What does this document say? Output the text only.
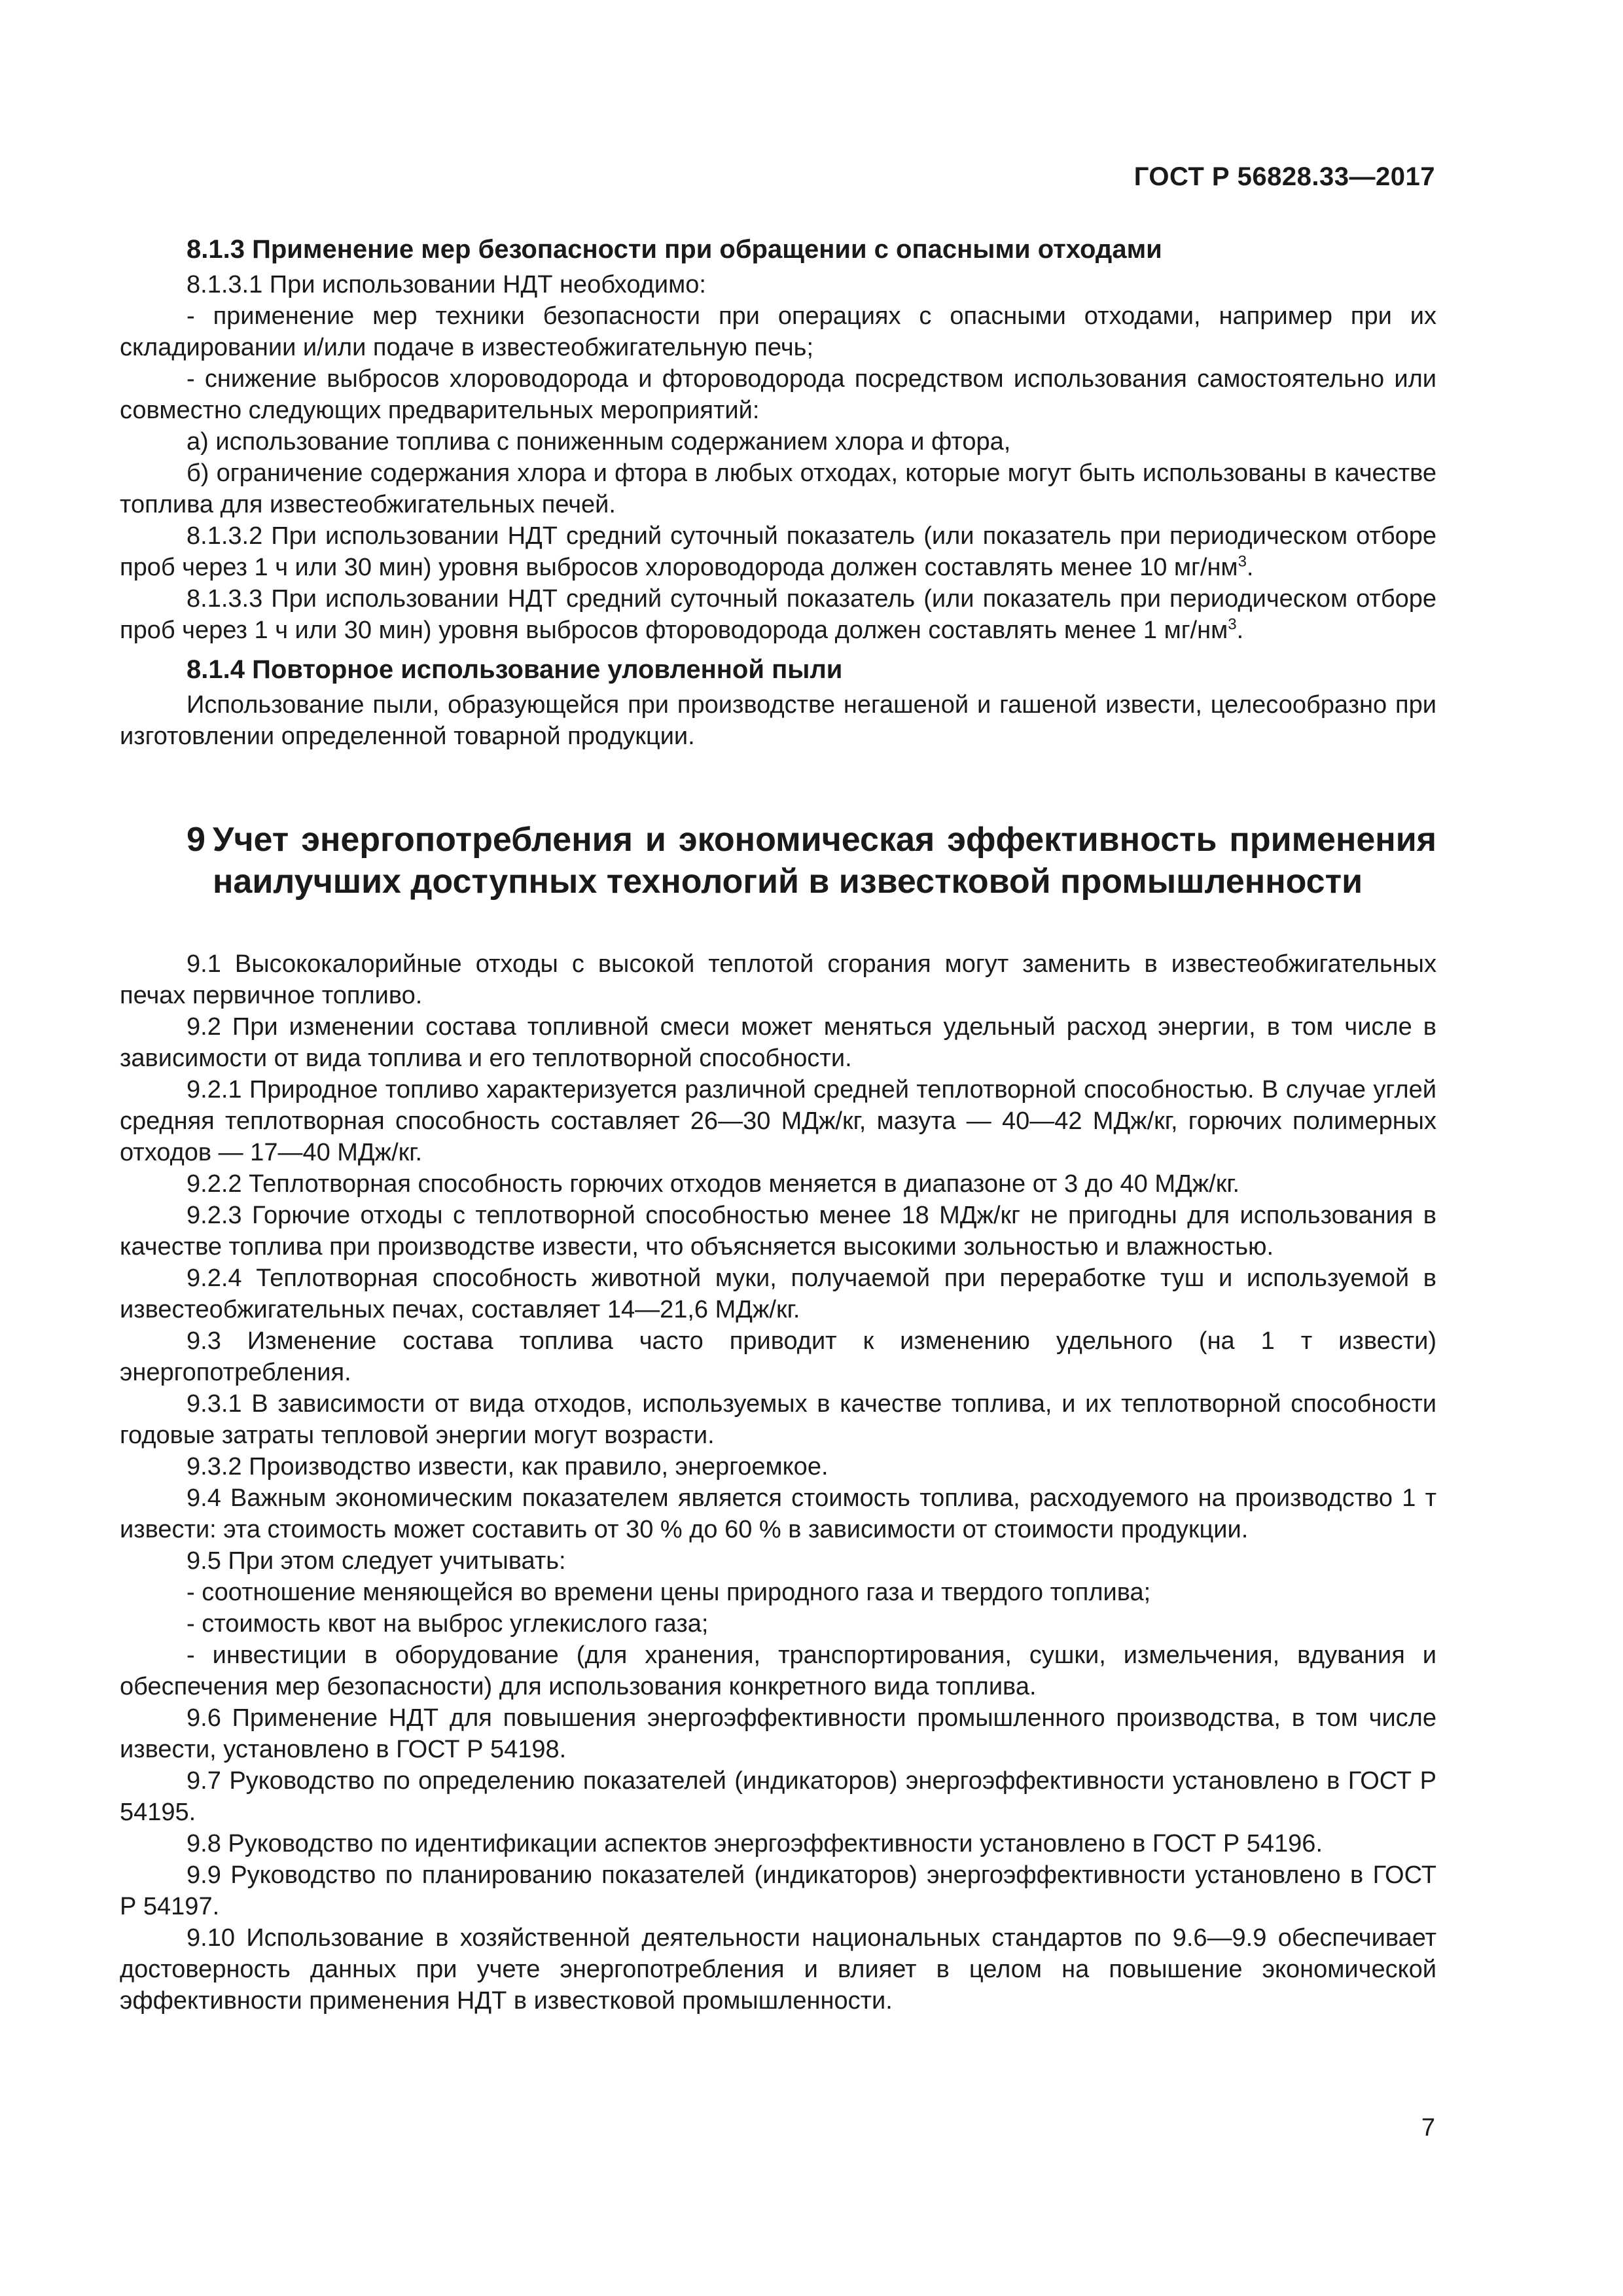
ГОСТ Р 56828.33—2017

8.1.3 Применение мер безопасности при обращении с опасными отходами

8.1.3.1 При использовании НДТ необходимо:

- применение мер техники безопасности при операциях с опасными отходами, например при их складировании и/или подаче в известеобжигательную печь;

- снижение выбросов хлороводорода и фтороводорода посредством использования самостоятельно или совместно следующих предварительных мероприятий:

а) использование топлива с пониженным содержанием хлора и фтора,

б) ограничение содержания хлора и фтора в любых отходах, которые могут быть использованы в качестве топлива для известеобжигательных печей.

8.1.3.2 При использовании НДТ средний суточный показатель (или показатель при периодическом отборе проб через 1 ч или 30 мин) уровня выбросов хлороводорода должен составлять менее 10 $мг/нм^3$.

8.1.3.3 При использовании НДТ средний суточный показатель (или показатель при периодическом отборе проб через 1 ч или 30 мин) уровня выбросов фтороводорода должен составлять менее 1 $мг/нм^3$.

8.1.4 Повторное использование уловленной пыли

Использование пыли, образующейся при производстве негашеной и гашеной извести, целесообразно при изготовлении определенной товарной продукции.

9 Учет энергопотребления и экономическая эффективность применения наилучших доступных технологий в известковой промышленности

9.1 Высококалорийные отходы с высокой теплотой сгорания могут заменить в известеобжигательных печах первичное топливо.

9.2 При изменении состава топливной смеси может меняться удельный расход энергии, в том числе в зависимости от вида топлива и его теплотворной способности.

9.2.1 Природное топливо характеризуется различной средней теплотворной способностью. В случае углей средняя теплотворная способность составляет 26—30 МДж/кг, мазута — 40—42 МДж/кг, горючих полимерных отходов — 17—40 МДж/кг.

9.2.2 Теплотворная способность горючих отходов меняется в диапазоне от 3 до 40 МДж/кг.

9.2.3 Горючие отходы с теплотворной способностью менее 18 МДж/кг не пригодны для использования в качестве топлива при производстве извести, что объясняется высокими зольностью и влажностью.

9.2.4 Теплотворная способность животной муки, получаемой при переработке туш и используемой в известеобжигательных печах, составляет 14—21,6 МДж/кг.

9.3 Изменение состава топлива часто приводит к изменению удельного (на 1 т извести) энергопотребления.

9.3.1 В зависимости от вида отходов, используемых в качестве топлива, и их теплотворной способности годовые затраты тепловой энергии могут возрасти.

9.3.2 Производство извести, как правило, энергоемкое.

9.4 Важным экономическим показателем является стоимость топлива, расходуемого на производство 1 т извести: эта стоимость может составить от 30 % до 60 % в зависимости от стоимости продукции.

9.5 При этом следует учитывать:

- соотношение меняющейся во времени цены природного газа и твердого топлива;

- стоимость квот на выброс углекислого газа;

- инвестиции в оборудование (для хранения, транспортирования, сушки, измельчения, вдувания и обеспечения мер безопасности) для использования конкретного вида топлива.

9.6 Применение НДТ для повышения энергоэффективности промышленного производства, в том числе извести, установлено в ГОСТ Р 54198.

9.7 Руководство по определению показателей (индикаторов) энергоэффективности установлено в ГОСТ Р 54195.

9.8 Руководство по идентификации аспектов энергоэффективности установлено в ГОСТ Р 54196.

9.9 Руководство по планированию показателей (индикаторов) энергоэффективности установлено в ГОСТ Р 54197.

9.10 Использование в хозяйственной деятельности национальных стандартов по 9.6—9.9 обеспечивает достоверность данных при учете энергопотребления и влияет в целом на повышение экономической эффективности применения НДТ в известковой промышленности.

7
